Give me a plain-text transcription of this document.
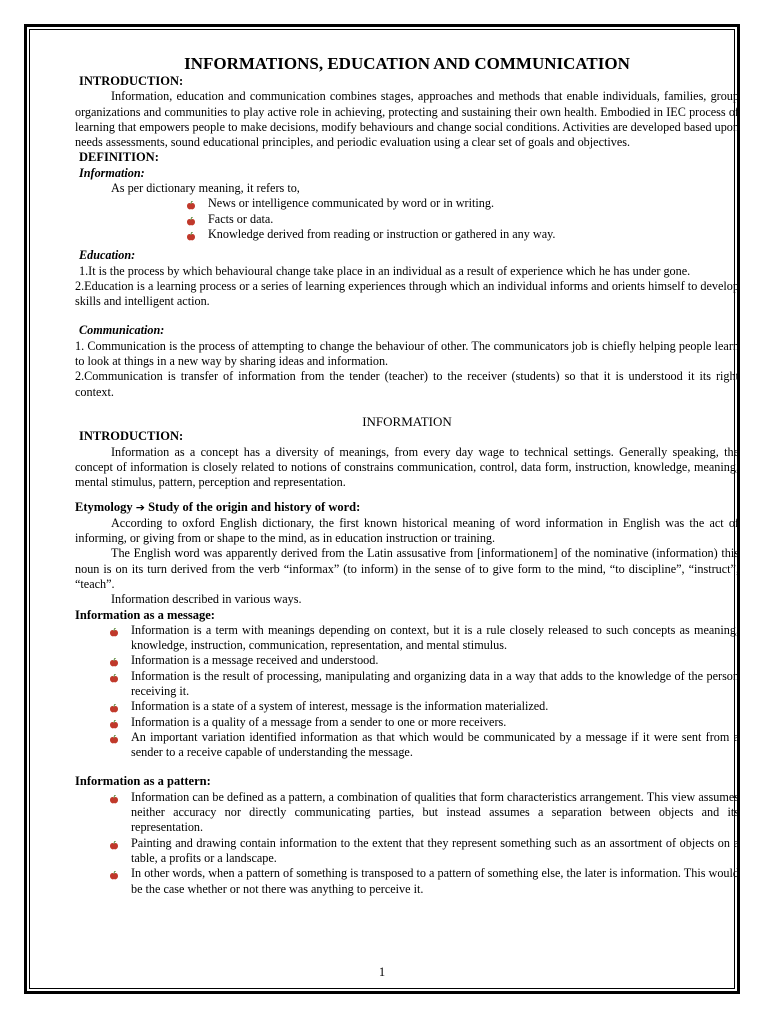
INFORMATIONS, EDUCATION AND COMMUNICATION

INTRODUCTION:

Information, education and communication combines stages, approaches and methods that enable individuals, families, group organizations and communities to play active role in achieving, protecting and sustaining their own health. Embodied in IEC process of learning that empowers people to make decisions, modify behaviours and change social conditions. Activities are developed based upon needs assessments, sound educational principles, and periodic evaluation using a clear set of goals and objectives.

DEFINITION:

Information:

As per dictionary meaning, it refers to,

News or intelligence communicated by word or in writing.
Facts or data.
Knowledge derived from reading or instruction or gathered in any way.

Education:

1.It is the process by which behavioural change take place in an individual as a result of experience which he has under gone.

2.Education is a learning process or a series of learning experiences through which an individual informs and orients himself to develop skills and intelligent action.

Communication:

1. Communication is the process of attempting to change the behaviour of other. The communicators job is chiefly helping people learn to look at things in a new way by sharing ideas and information.

2.Communication is transfer of information from the tender (teacher) to the receiver (students) so that it is understood it its right context.

INFORMATION

INTRODUCTION:

Information as a concept has a diversity of meanings, from every day wage to technical settings. Generally speaking, the concept of information is closely related to notions of constrains communication, control, data form, instruction, knowledge, meaning, mental stimulus, pattern, perception and representation.

Etymology ➔ Study of the origin and history of word:

According to oxford English dictionary, the first known historical meaning of word information in English was the act of informing, or giving from or shape to the mind, as in education instruction or training.

The English word was apparently derived from the Latin assusative from [informationem] of the nominative (information) this noun is on its turn derived from the verb “informax” (to inform) in the sense of to give form to the mind, “to discipline”, “instruct”, “teach”.

Information described in various ways.

Information as a message:

Information is a term with meanings depending on context, but it is a rule closely released to such concepts as meaning, knowledge, instruction, communication, representation, and mental stimulus.
Information is a message received and understood.
Information is the result of processing, manipulating and organizing data in a way that adds to the knowledge of the person receiving it.
Information is a state of a system of interest, message is the information materialized.
Information is a quality of a message from a sender to one or more receivers.
An important variation identified information as that which would be communicated by a message if it were sent from a sender to a receive capable of understanding the message.

Information as a pattern:

Information can be defined as a pattern, a combination of qualities that form characteristics arrangement. This view assumes neither accuracy nor directly communicating parties, but instead assumes a separation between objects and its representation.
Painting and drawing contain information to the extent that they represent something such as an assortment of objects on a table, a profits or a landscape.
In other words, when a pattern of something is transposed to a pattern of something else, the later is information. This would be the case whether or not there was anything to perceive it.
1
